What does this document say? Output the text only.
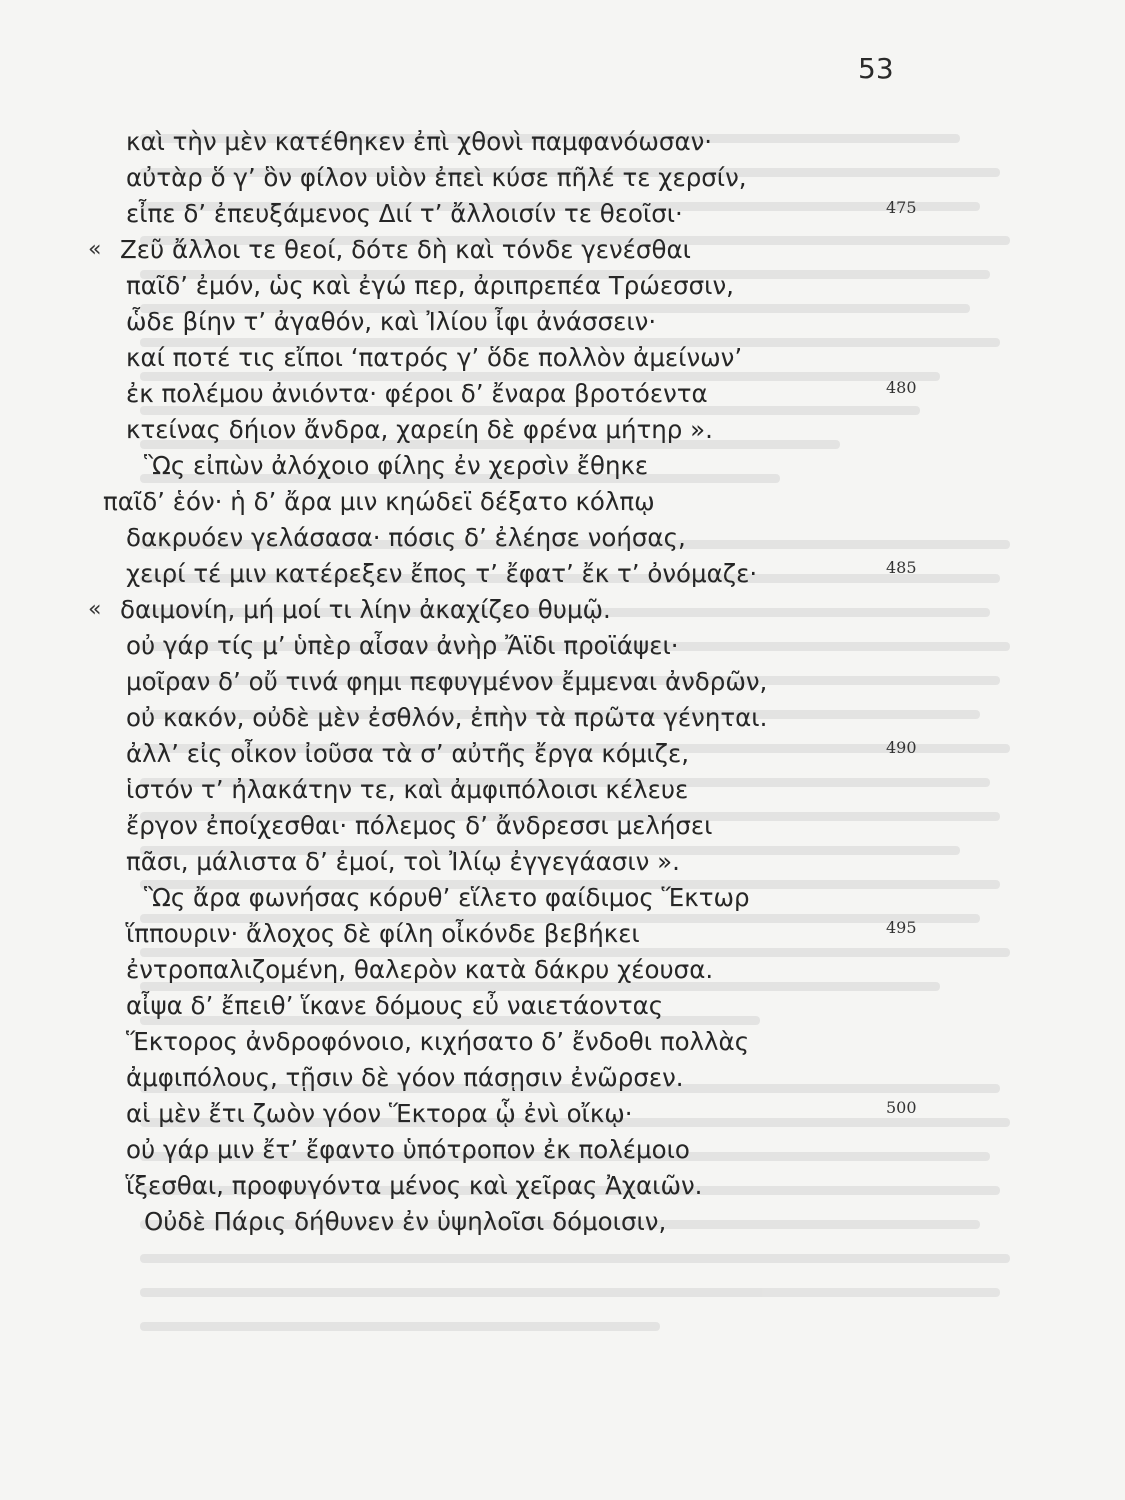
53
καὶ τὴν μὲν κατέθηκεν ἐπὶ χθονὶ παμφανόωσαν·
αὐτὰρ ὅ γ’ ὃν φίλον υἱὸν ἐπεὶ κύσε πῆλέ τε χερσίν,
εἶπε δ’ ἐπευξάμενος Διί τ’ ἄλλοισίν τε θεοῖσι·	475
« Ζεῦ ἄλλοι τε θεοί, δότε δὴ καὶ τόνδε γενέσθαι
παῖδ’ ἐμόν, ὡς καὶ ἐγώ περ, ἀριπρεπέα Τρώεσσιν,
ὧδε βίην τ’ ἀγαθόν, καὶ Ἰλίου ἶφι ἀνάσσειν·
καί ποτέ τις εἴποι ‘πατρός γ’ ὅδε πολλὸν ἀμείνων’
ἐκ πολέμου ἀνιόντα· φέροι δ’ ἔναρα βροτόεντα	480
κτείνας δήιον ἄνδρα, χαρείη δὲ φρένα μήτηρ ».
Ὣς εἰπὼν ἀλόχοιο φίλης ἐν χερσὶν ἔθηκε
παῖδ’ ἑόν· ἡ δ’ ἄρα μιν κηώδεϊ δέξατο κόλπῳ
δακρυόεν γελάσασα· πόσις δ’ ἐλέησε νοήσας,
χειρί τέ μιν κατέρεξεν ἔπος τ’ ἔφατ’ ἔκ τ’ ὀνόμαζε·	485
« δαιμονίη, μή μοί τι λίην ἀκαχίζεο θυμῷ.
οὐ γάρ τίς μ’ ὑπὲρ αἶσαν ἀνὴρ Ἄϊδι προϊάψει·
μοῖραν δ’ οὔ τινά φημι πεφυγμένον ἔμμεναι ἀνδρῶν,
οὐ κακόν, οὐδὲ μὲν ἐσθλόν, ἐπὴν τὰ πρῶτα γένηται.
ἀλλ’ εἰς οἶκον ἰοῦσα τὰ σ’ αὐτῆς ἔργα κόμιζε,	490
ἱστόν τ’ ἠλακάτην τε, καὶ ἀμφιπόλοισι κέλευε
ἔργον ἐποίχεσθαι· πόλεμος δ’ ἄνδρεσσι μελήσει
πᾶσι, μάλιστα δ’ ἐμοί, τοὶ Ἰλίῳ ἐγγεγάασιν ».
Ὣς ἄρα φωνήσας κόρυθ’ εἵλετο φαίδιμος Ἕκτωρ
ἵππουριν· ἄλοχος δὲ φίλη οἶκόνδε βεβήκει	495
ἐντροπαλιζομένη, θαλερὸν κατὰ δάκρυ χέουσα.
αἶψα δ’ ἔπειθ’ ἵκανε δόμους εὖ ναιετάοντας
Ἕκτορος ἀνδροφόνοιο, κιχήσατο δ’ ἔνδοθι πολλὰς
ἀμφιπόλους, τῇσιν δὲ γόον πάσῃσιν ἐνῶρσεν.
αἱ μὲν ἔτι ζωὸν γόον Ἕκτορα ᾧ ἐνὶ οἴκῳ·	500
οὐ γάρ μιν ἔτ’ ἔφαντο ὑπότροπον ἐκ πολέμοιο
ἵξεσθαι, προφυγόντα μένος καὶ χεῖρας Ἀχαιῶν.
Οὐδὲ Πάρις δήθυνεν ἐν ὑψηλοῖσι δόμοισιν,
